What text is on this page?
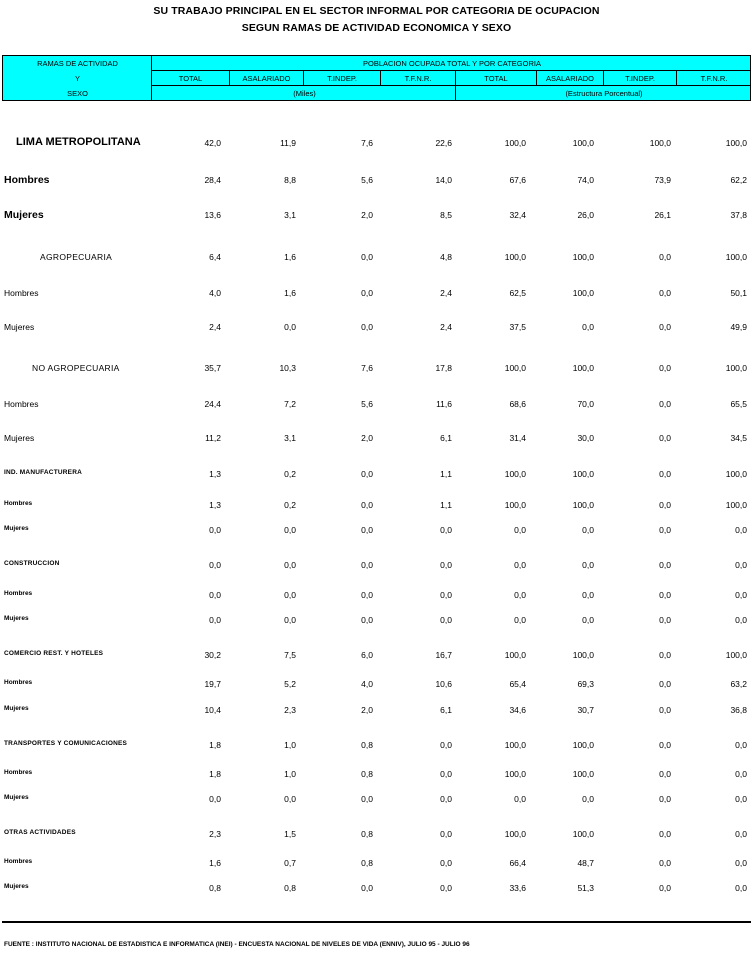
SU TRABAJO PRINCIPAL EN EL SECTOR INFORMAL POR CATEGORIA DE OCUPACION
SEGUN RAMAS DE ACTIVIDAD ECONOMICA Y SEXO
RAMAS DE ACTIVIDAD
Y
SEXO
POBLACION OCUPADA TOTAL Y POR CATEGORIA
TOTAL	ASALARIADO	T.INDEP.	T.F.N.R.	TOTAL	ASALARIADO	T.INDEP.	T.F.N.R.
(Miles)	(Estructura Porcentual)
LIMA METROPOLITANA	42,0	11,9	7,6	22,6	100,0	100,0	100,0	100,0
Hombres	28,4	8,8	5,6	14,0	67,6	74,0	73,9	62,2
Mujeres	13,6	3,1	2,0	8,5	32,4	26,0	26,1	37,8
AGROPECUARIA	6,4	1,6	0,0	4,8	100,0	100,0	0,0	100,0
Hombres	4,0	1,6	0,0	2,4	62,5	100,0	0,0	50,1
Mujeres	2,4	0,0	0,0	2,4	37,5	0,0	0,0	49,9
NO AGROPECUARIA	35,7	10,3	7,6	17,8	100,0	100,0	0,0	100,0
Hombres	24,4	7,2	5,6	11,6	68,6	70,0	0,0	65,5
Mujeres	11,2	3,1	2,0	6,1	31,4	30,0	0,0	34,5
IND. MANUFACTURERA	1,3	0,2	0,0	1,1	100,0	100,0	0,0	100,0
Hombres	1,3	0,2	0,0	1,1	100,0	100,0	0,0	100,0
Mujeres	0,0	0,0	0,0	0,0	0,0	0,0	0,0	0,0
CONSTRUCCION	0,0	0,0	0,0	0,0	0,0	0,0	0,0	0,0
Hombres	0,0	0,0	0,0	0,0	0,0	0,0	0,0	0,0
Mujeres	0,0	0,0	0,0	0,0	0,0	0,0	0,0	0,0
COMERCIO REST. Y HOTELES	30,2	7,5	6,0	16,7	100,0	100,0	0,0	100,0
Hombres	19,7	5,2	4,0	10,6	65,4	69,3	0,0	63,2
Mujeres	10,4	2,3	2,0	6,1	34,6	30,7	0,0	36,8
TRANSPORTES Y COMUNICACIONES	1,8	1,0	0,8	0,0	100,0	100,0	0,0	0,0
Hombres	1,8	1,0	0,8	0,0	100,0	100,0	0,0	0,0
Mujeres	0,0	0,0	0,0	0,0	0,0	0,0	0,0	0,0
OTRAS ACTIVIDADES	2,3	1,5	0,8	0,0	100,0	100,0	0,0	0,0
Hombres	1,6	0,7	0,8	0,0	66,4	48,7	0,0	0,0
Mujeres	0,8	0,8	0,0	0,0	33,6	51,3	0,0	0,0
FUENTE : INSTITUTO NACIONAL DE ESTADISTICA E INFORMATICA (INEI) - ENCUESTA NACIONAL DE NIVELES DE VIDA (ENNIV), JULIO 95 - JULIO 96
